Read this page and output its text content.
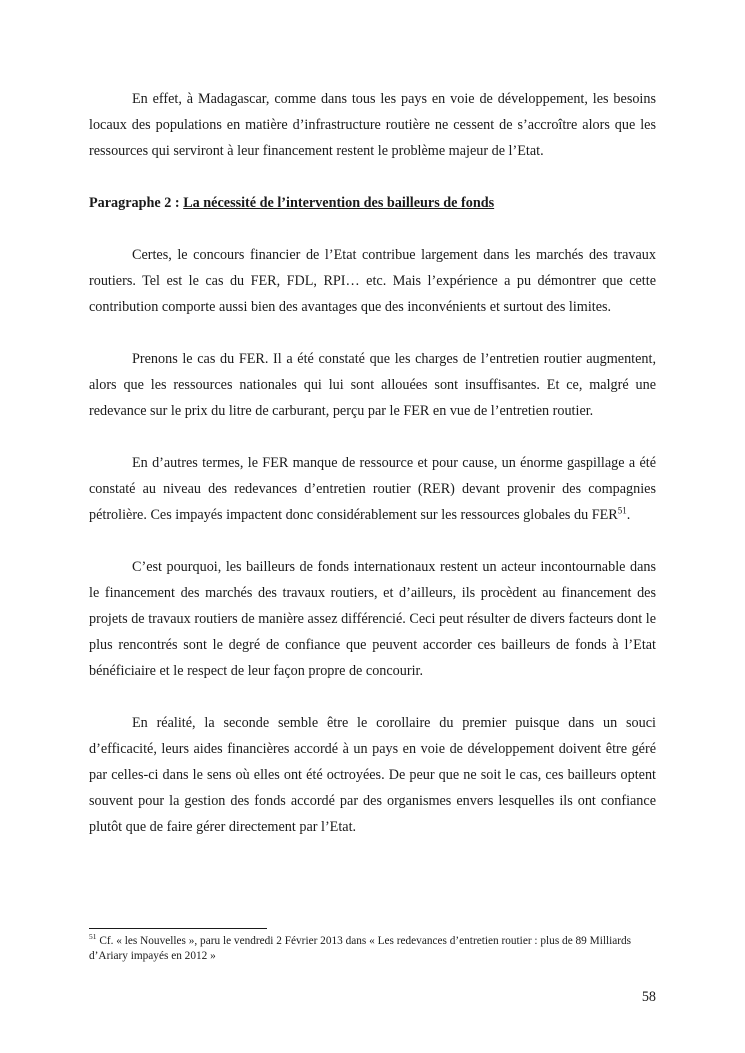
En effet, à Madagascar, comme dans tous les pays en voie de développement, les besoins locaux des populations en matière d’infrastructure routière ne cessent de s’accroître alors que les ressources qui serviront à leur financement restent le problème majeur de l’Etat.

Paragraphe 2 : La nécessité de l’intervention des bailleurs de fonds

Certes, le concours financier de l’Etat contribue largement dans les marchés des travaux routiers. Tel est le cas du FER, FDL, RPI… etc. Mais l’expérience a pu démontrer que cette contribution comporte aussi bien des avantages que des inconvénients et surtout des limites.

Prenons le cas du FER. Il a été constaté que les charges de l’entretien routier augmentent, alors que les ressources nationales qui lui sont allouées sont insuffisantes. Et ce, malgré une redevance sur le prix du litre de carburant, perçu par le FER en vue de l’entretien routier.

En d’autres termes, le FER manque de ressource et pour cause, un énorme gaspillage a été constaté au niveau des redevances d’entretien routier (RER) devant provenir des compagnies pétrolière. Ces impayés impactent donc considérablement sur les ressources globales du FER$^{51}$.

C’est pourquoi, les bailleurs de fonds internationaux restent un acteur incontournable dans le financement des marchés des travaux routiers, et d’ailleurs, ils procèdent au financement des projets de travaux routiers de manière assez différencié. Ceci peut résulter de divers facteurs dont le plus rencontrés sont le degré de confiance que peuvent accorder ces bailleurs de fonds à l’Etat bénéficiaire et le respect de leur façon propre de concourir.

En réalité, la seconde semble être le corollaire du premier puisque dans un souci d’efficacité, leurs aides financières accordé à un pays en voie de développement doivent être géré par celles-ci dans le sens où elles ont été octroyées. De peur que ne soit le cas, ces bailleurs optent souvent pour la gestion des fonds accordé par des organismes envers lesquelles ils ont confiance plutôt que de faire gérer directement par l’Etat.

$^{51}$ Cf. « les Nouvelles », paru le vendredi 2 Février 2013 dans « Les redevances d’entretien routier : plus de 89 Milliards d’Ariary impayés en 2012 »
58
